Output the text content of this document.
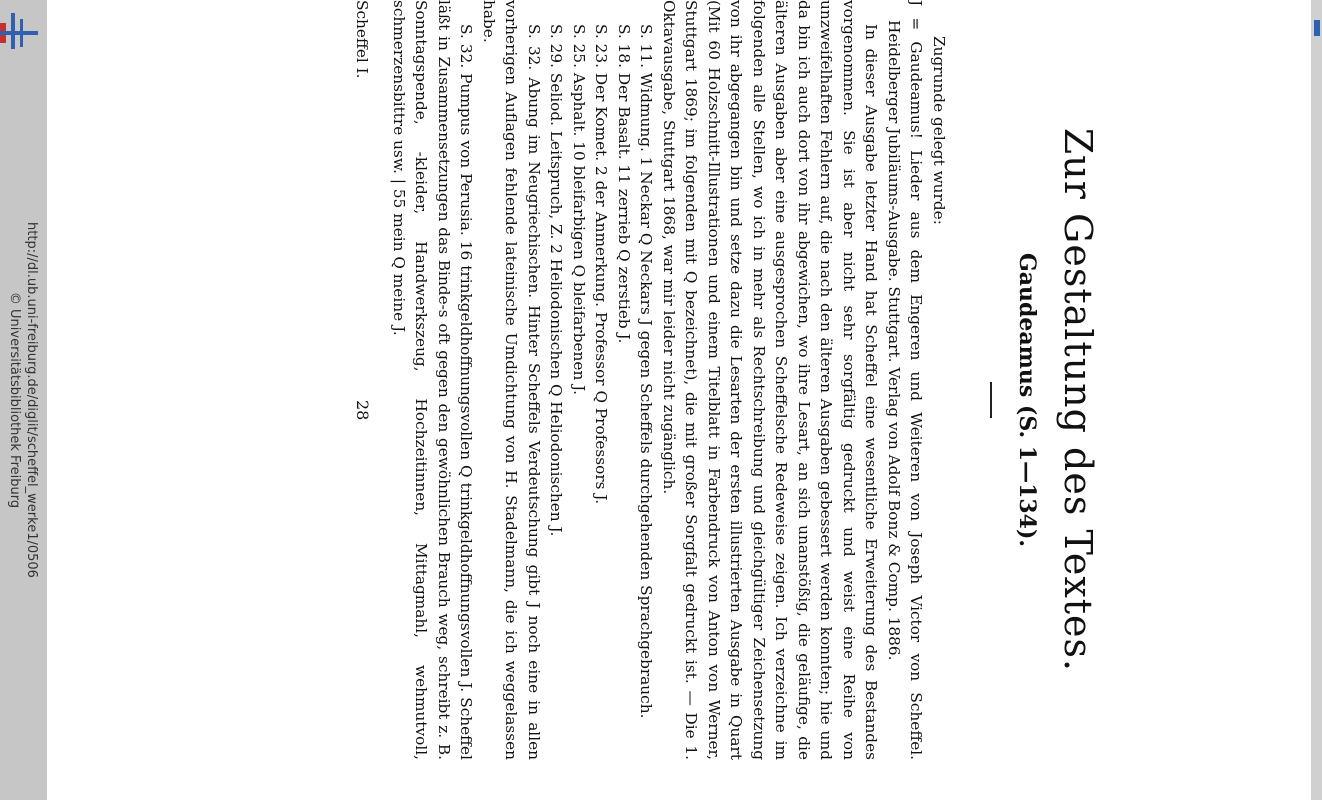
http://dl.ub.uni-freiburg.de/diglit/scheffel_werke1/0506
© Universitätsbibliothek Freiburg	Zur Gestaltung des Textes.
Gaudeamus (S. 1—134).

Zugrunde gelegt wurde:

J = Gaudeamus! Lieder aus dem Engeren und Weiteren von Joseph Victor von Scheffel. Heidelberger Jubiläums-Ausgabe. Stuttgart. Verlag von Adolf Bonz & Comp. 1886.

In dieser Ausgabe letzter Hand hat Scheffel eine wesentliche Erweiterung des Bestandes vorgenommen. Sie ist aber nicht sehr sorgfältig gedruckt und weist eine Reihe von unzweifelhaften Fehlern auf, die nach den älteren Ausgaben gebessert werden konnten; hie und da bin ich auch dort von ihr abgewichen, wo ihre Lesart, an sich unanstößig, die geläufige, die älteren Ausgaben aber eine ausgesprochen Scheffelsche Redeweise zeigen. Ich verzeichne im folgenden alle Stellen, wo ich in mehr als Rechtschreibung und gleichgültiger Zeichensetzung von ihr abgegangen bin und setze dazu die Lesarten der ersten illustrierten Ausgabe in Quart (Mit 60 Holzschnitt-Illustrationen und einem Titelblatt in Farbendruck von Anton von Werner, Stuttgart 1869; im folgenden mit Q bezeichnet), die mit großer Sorgfalt gedruckt ist. — Die 1. Oktavausgabe, Stuttgart 1868, war mir leider nicht zugänglich.

S. 11. Widmung. 1 Neckar Q Neckars J gegen Scheffels durchgehenden Sprachgebrauch.

S. 18. Der Basalt. 11 zerrieb Q zerstieb J.

S. 23. Der Komet. 2 der Anmerkung. Professor Q Professors J.

S. 25. Asphalt. 10 bleifarbigen Q bleifarbenen J.

S. 29. Seliod. Leitspruch, Z. 2 Heliodonischen Q Heliodonischen J.

S. 32. Abung im Neugriechischen. Hinter Scheffels Verdeutschung gibt J noch eine in allen vorherigen Auflagen fehlende lateinische Umdichtung von H. Stadelmann, die ich weggelassen habe.

S. 32. Pumpus von Perusia. 16 trinkgeldhoffnungsvollen Q trinkgeldhoffnungsvollen J. Scheffel läßt in Zusammensetzungen das Binde-s oft gegen den gewöhnlichen Brauch weg, schreibt z. B. Sonntagspende, -kleider, Handwerkszeug, Hochzeitinnen, Mittagmahl, wehmutvoll, schmerzensbittre usw. | 55 mein Q meine J.

Scheffel I.
28
